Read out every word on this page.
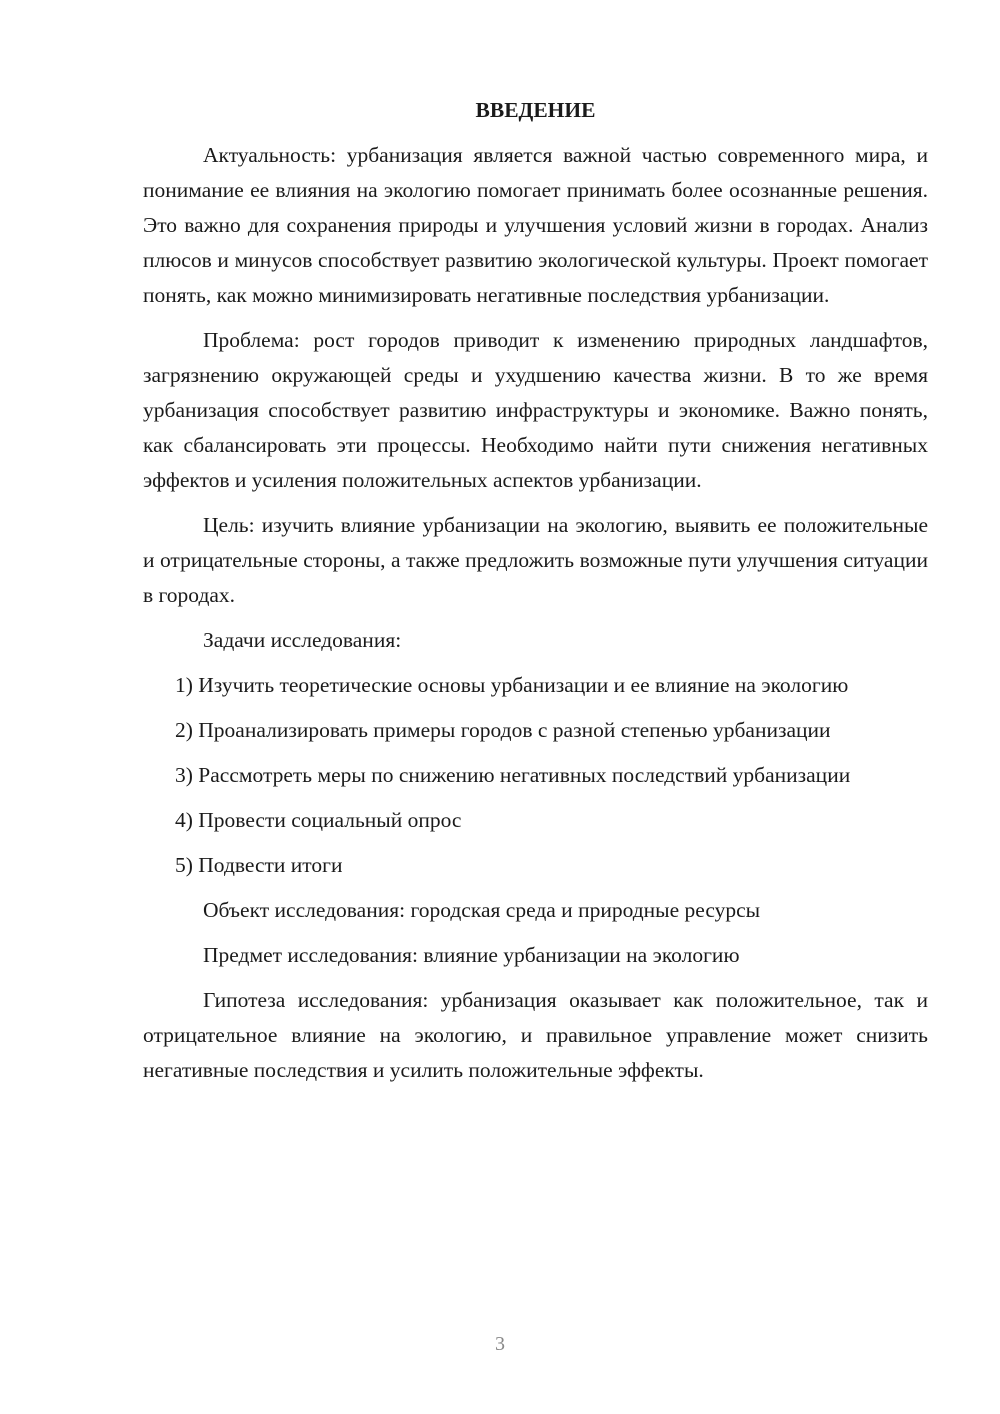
ВВЕДЕНИЕ

Актуальность: урбанизация является важной частью современного мира, и понимание ее влияния на экологию помогает принимать более осознанные решения. Это важно для сохранения природы и улучшения условий жизни в городах. Анализ плюсов и минусов способствует развитию экологической культуры. Проект помогает понять, как можно минимизировать негативные последствия урбанизации.

Проблема: рост городов приводит к изменению природных ландшафтов, загрязнению окружающей среды и ухудшению качества жизни. В то же время урбанизация способствует развитию инфраструктуры и экономике. Важно понять, как сбалансировать эти процессы. Необходимо найти пути снижения негативных эффектов и усиления положительных аспектов урбанизации.

Цель: изучить влияние урбанизации на экологию, выявить ее положительные и отрицательные стороны, а также предложить возможные пути улучшения ситуации в городах.

Задачи исследования:

1) Изучить теоретические основы урбанизации и ее влияние на экологию

2) Проанализировать примеры городов с разной степенью урбанизации

3) Рассмотреть меры по снижению негативных последствий урбанизации

4) Провести социальный опрос

5) Подвести итоги

Объект исследования: городская среда и природные ресурсы

Предмет исследования: влияние урбанизации на экологию

Гипотеза исследования: урбанизация оказывает как положительное, так и отрицательное влияние на экологию, и правильное управление может снизить негативные последствия и усилить положительные эффекты.

3
